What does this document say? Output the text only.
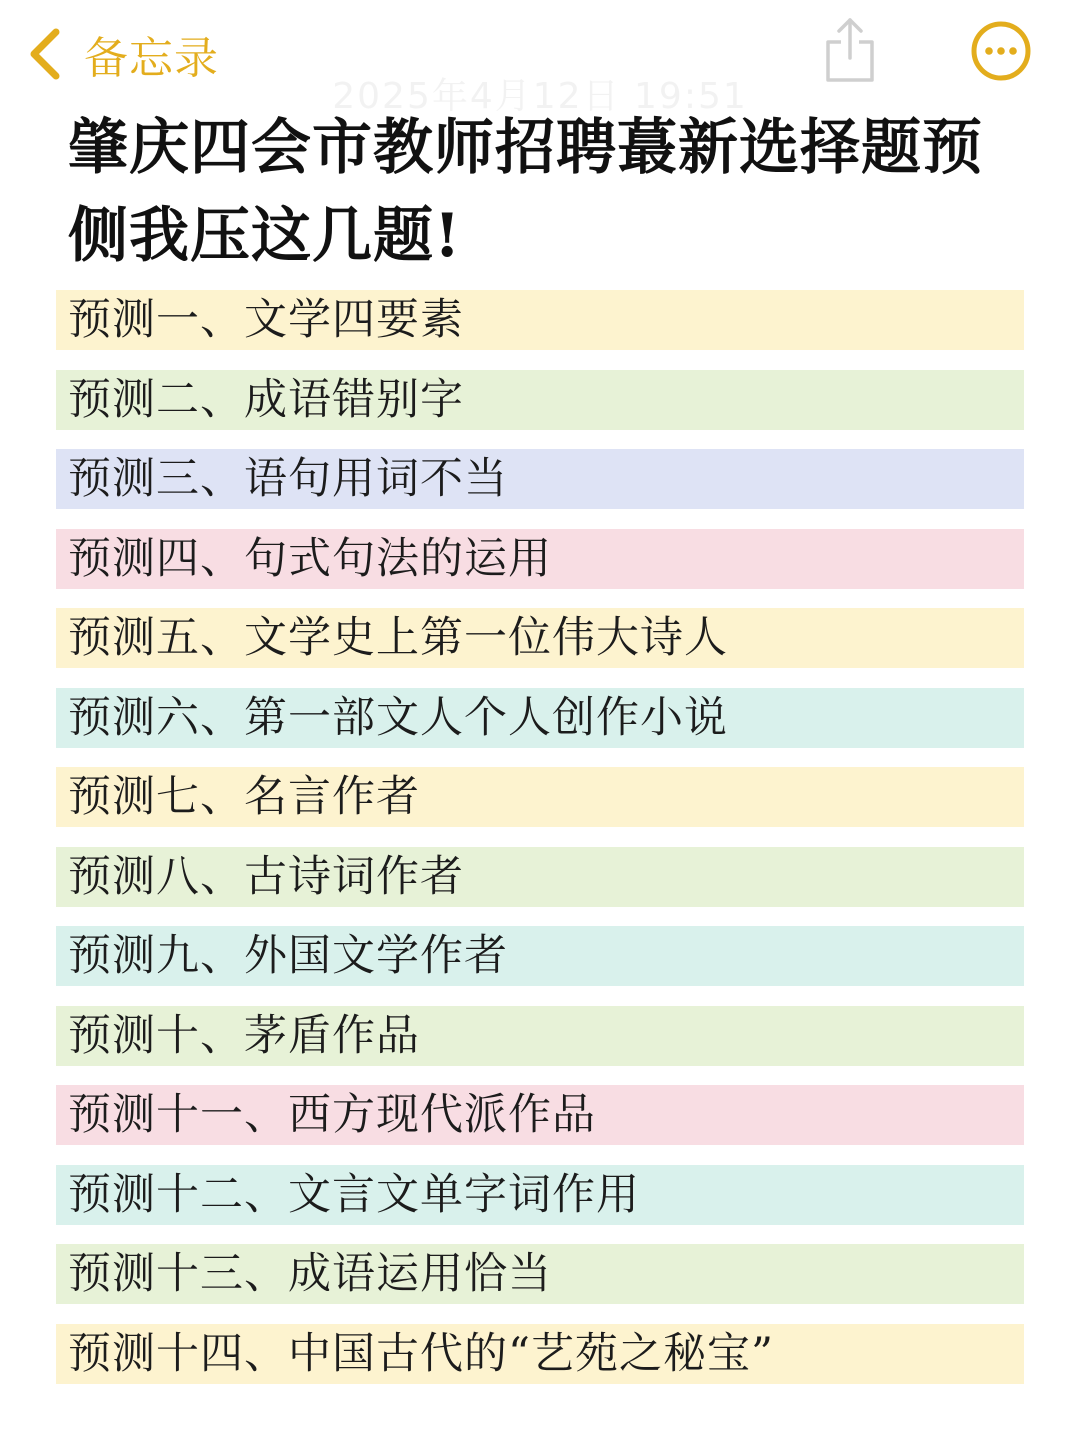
备忘录
2025年4月12日 19:51
肇庆四会市教师招聘蕞新选择题预侧我压这几题!
预测一、文学四要素
预测二、成语错别字
预测三、语句用词不当
预测四、句式句法的运用
预测五、文学史上第一位伟大诗人
预测六、第一部文人个人创作小说
预测七、名言作者
预测八、古诗词作者
预测九、外国文学作者
预测十、茅盾作品
预测十一、西方现代派作品
预测十二、文言文单字词作用
预测十三、成语运用恰当
预测十四、中国古代的“艺苑之秘宝”
